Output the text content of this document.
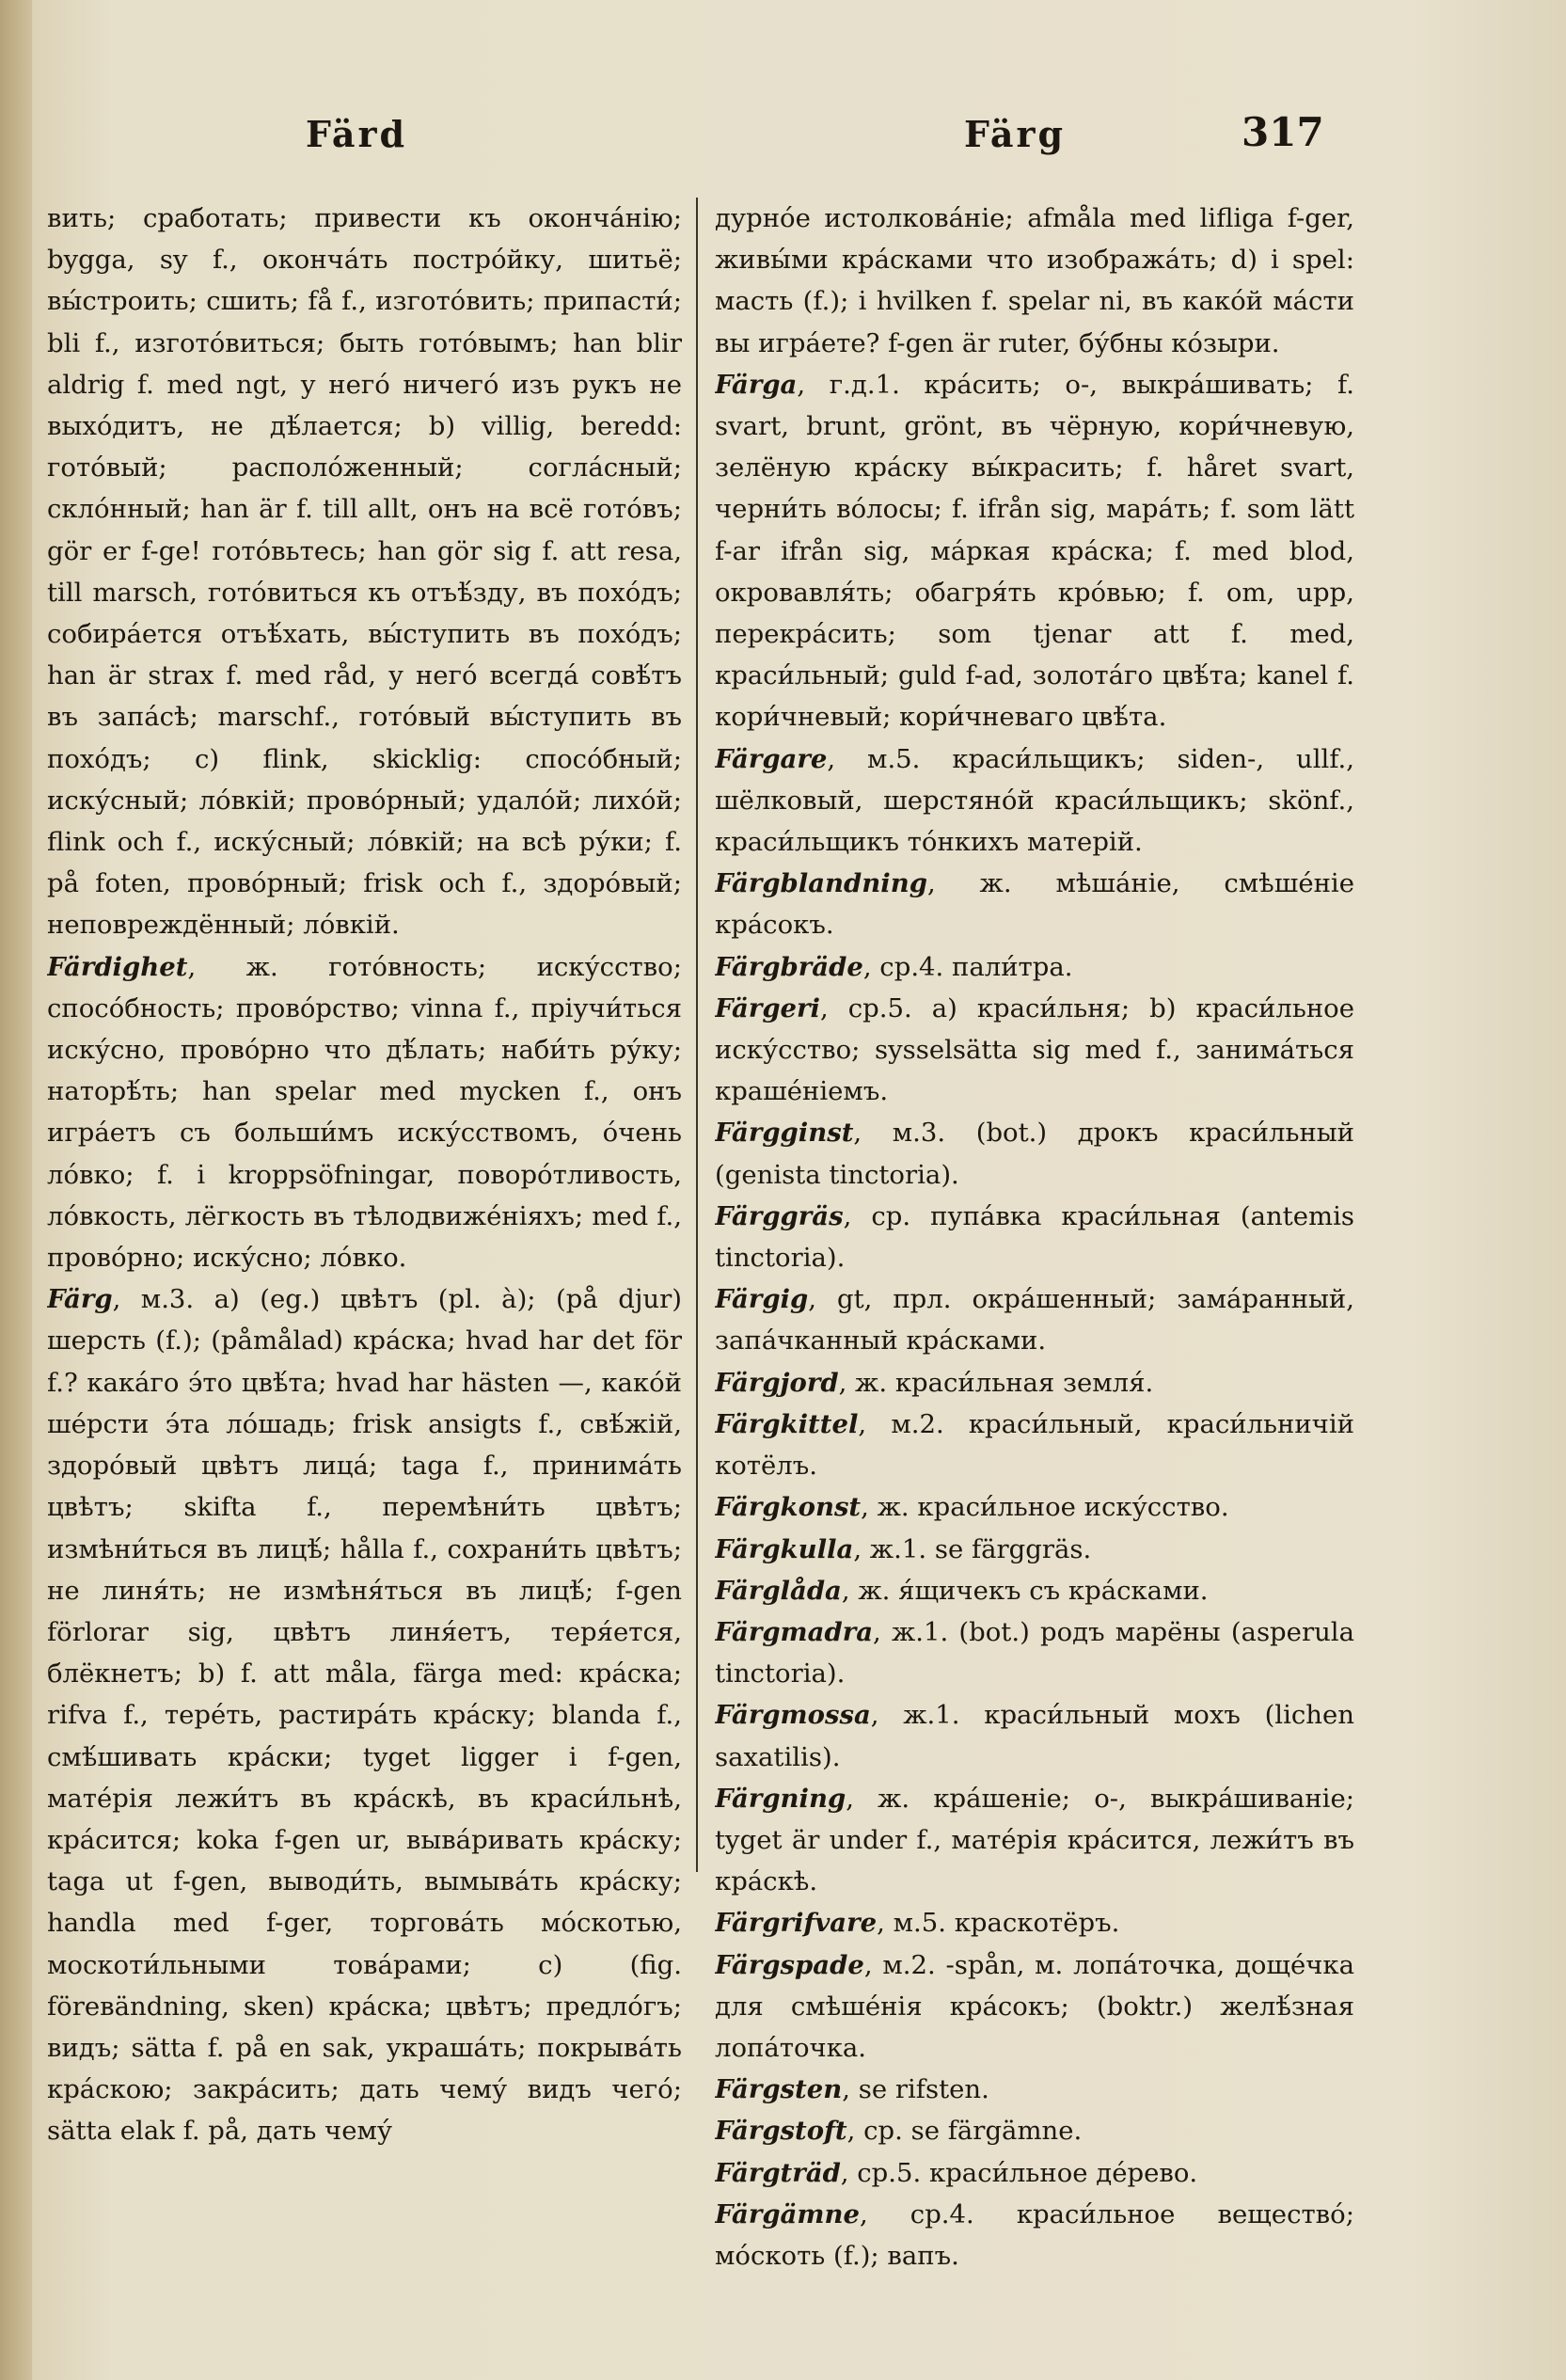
Färd	Färg	317

вить; сработать; привести къ оконча́нію; bygga, sy f., оконча́ть постро́йку, шитьё; вы́строить; сшить; få f., изгото́вить; припасти́; bli f., изгото́виться; быть гото́вымъ; han blir aldrig f. med ngt, у него́ ничего́ изъ рукъ не выхо́дитъ, не дѣ́лается; b) villig, beredd: гото́вый; располо́женный; согла́сный; скло́нный; han är f. till allt, онъ на всё гото́въ; gör er f-ge! гото́вьтесь; han gör sig f. att resa, till marsch, гото́виться къ отъѣ́зду, въ похо́дъ; собира́ется отъѣ́хать, вы́ступить въ похо́дъ; han är strax f. med råd, у него́ всегда́ совѣ́тъ въ запа́сѣ; marschf., гото́вый вы́ступить въ похо́дъ; c) flink, skicklig: спосо́бный; иску́сный; ло́вкій; прово́рный; удало́й; лихо́й; flink och f., иску́сный; ло́вкій; на всѣ ру́ки; f. på foten, прово́рный; frisk och f., здоро́вый; неповреждённый; ло́вкій.

Färdighet, ж. гото́вность; иску́сство; спосо́бность; прово́рство; vinna f., пріучи́ться иску́сно, прово́рно что дѣ́лать; наби́ть ру́ку; натоpѣ́ть; han spelar med mycken f., онъ игра́етъ съ больши́мъ иску́сствомъ, о́чень ло́вко; f. i kroppsöfningar, поворо́тливость, ло́вкость, лёгкость въ тѣлодвиже́ніяхъ; med f., прово́рно; иску́сно; ло́вко.

Färg, м.3. a) (eg.) цвѣтъ (pl. à); (på djur) шерсть (f.); (påmålad) кра́ска; hvad har det för f.? кака́го э́то цвѣ́та; hvad har hästen —, како́й ше́рсти э́та ло́шадь; frisk ansigts f., свѣ́жій, здоро́вый цвѣтъ лица́; taga f., принима́ть цвѣтъ; skifta f., перемѣни́ть цвѣтъ; измѣни́ться въ лицѣ́; hålla f., сохрани́ть цвѣтъ; не линя́ть; не измѣня́ться въ лицѣ́; f-gen förlorar sig, цвѣтъ линя́етъ, теря́ется, блёкнетъ; b) f. att måla, färga med: кра́ска; rifva f., тере́ть, растира́ть кра́ску; blanda f., смѣ́шивать кра́ски; tyget ligger i f-gen, мате́рія лежи́тъ въ кра́скѣ, въ краси́льнѣ, кра́сится; koka f-gen ur, выва́ривать кра́ску; taga ut f-gen, выводи́ть, вымыва́ть кра́ску; handla med f-ger, торгова́ть мо́скотью, москоти́льными това́рами; c) (fig. föreвändning, sken) кра́ска; цвѣтъ; предло́гъ; видъ; sätta f. på en sak, украша́ть; покрыва́ть кра́скою; закра́сить; дать чему́ видъ чего́; sätta elak f. på, дать чему́

дурно́е истолкова́ніе; afmåla med lifliga f-ger, живы́ми кра́сками что изобража́ть; d) i spel: масть (f.); i hvilken f. spelar ni, въ како́й ма́сти вы игра́ете? f-gen är ruter, бу́бны ко́зыри.

Färga, г.д.1. кра́сить; о-, выкра́шивать; f. svart, brunt, grönt, въ чёрную, кори́чневую, зелёную кра́ску вы́красить; f. håret svart, черни́ть во́лосы; f. ifrån sig, мара́ть; f. som lätt f-ar ifrån sig, ма́ркая кра́ска; f. med blod, окровавля́ть; обагря́ть кро́вью; f. om, upp, перекра́сить; som tjenar att f. med, краси́льный; guld f-ad, золота́го цвѣ́та; kanel f. кори́чневый; кори́чневаго цвѣ́та.

Färgare, м.5. краси́льщикъ; siden-, ullf., шёлковый, шерстяно́й краси́льщикъ; skönf., краси́льщикъ то́нкихъ матерій.

Färgblandning, ж. мѣша́ніе, смѣше́ніе кра́сокъ.

Färgbräde, ср.4. пали́тра.

Färgeri, ср.5. a) краси́льня; b) краси́льное иску́сство; sysselsätta sig med f., занима́ться краше́ніемъ.

Färgginst, м.3. (bot.) дрокъ краси́льный (genista tinctoria).

Färggräs, ср. пупа́вка краси́льная (antemis tinctoria).

Färgig, gt, прл. окра́шенный; зама́ранный, запа́чканный кра́сками.

Färgjord, ж. краси́льная земля́.

Färgkittel, м.2. краси́льный, краси́льничій котёлъ.

Färgkonst, ж. краси́льное иску́сство.

Färgkulla, ж.1. se färggräs.

Färglåda, ж. я́щичекъ съ кра́сками.

Färgmadra, ж.1. (bot.) родъ марёны (asperula tinctoria).

Färgmossa, ж.1. краси́льный мохъ (lichen saxatilis).

Färgning, ж. кра́шеніе; о-, выкра́шиваніе; tyget är under f., мате́рія кра́сится, лежи́тъ въ кра́скѣ.

Färgrifvare, м.5. краскотёръ.

Färgspade, м.2. -spån, м. лопа́точка, доще́чка для смѣше́нія кра́сокъ; (boktr.) желѣ́зная лопа́точка.

Färgsten, se rifsten.

Färgstoft, ср. se färgämne.

Färgträd, ср.5. краси́льное де́рево.

Färgämne, ср.4. краси́льное вещество́; мо́скоть (f.); вапъ.
